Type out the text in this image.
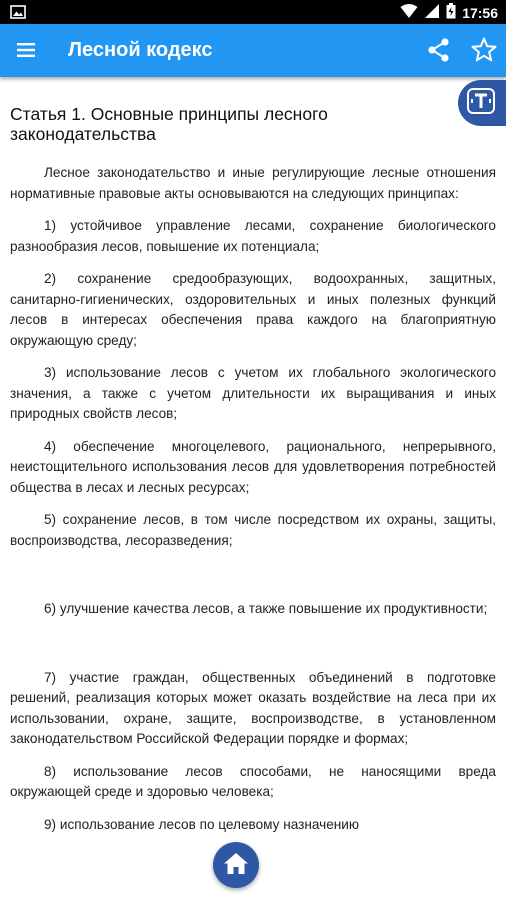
17:56
Лесной кодекс
Статья 1. Основные принципы лесного законодательства

Лесное законодательство и иные регулирующие лесные отношения нормативные правовые акты основываются на следующих принципах:

1) устойчивое управление лесами, сохранение биологического разнообразия лесов, повышение их потенциала;

2) сохранение средообразующих, водоохранных, защитных, санитарно-гигиенических, оздоровительных и иных полезных функций лесов в интересах обеспечения права каждого на благоприятную окружающую среду;

3) использование лесов с учетом их глобального экологического значения, а также с учетом длительности их выращивания и иных природных свойств лесов;

4) обеспечение многоцелевого, рационального, непрерывного, неистощительного использования лесов для удовлетворения потребностей общества в лесах и лесных ресурсах;

5) сохранение лесов, в том числе посредством их охраны, защиты, воспроизводства, лесоразведения;

6) улучшение качества лесов, а также повышение их продуктивности;

7) участие граждан, общественных объединений в подготовке решений, реализация которых может оказать воздействие на леса при их использовании, охране, защите, воспроизводстве, в установленном законодательством Российской Федерации порядке и формах;

8) использование лесов способами, не наносящими вреда окружающей среде и здоровью человека;

9) использование лесов по целевому назначению
